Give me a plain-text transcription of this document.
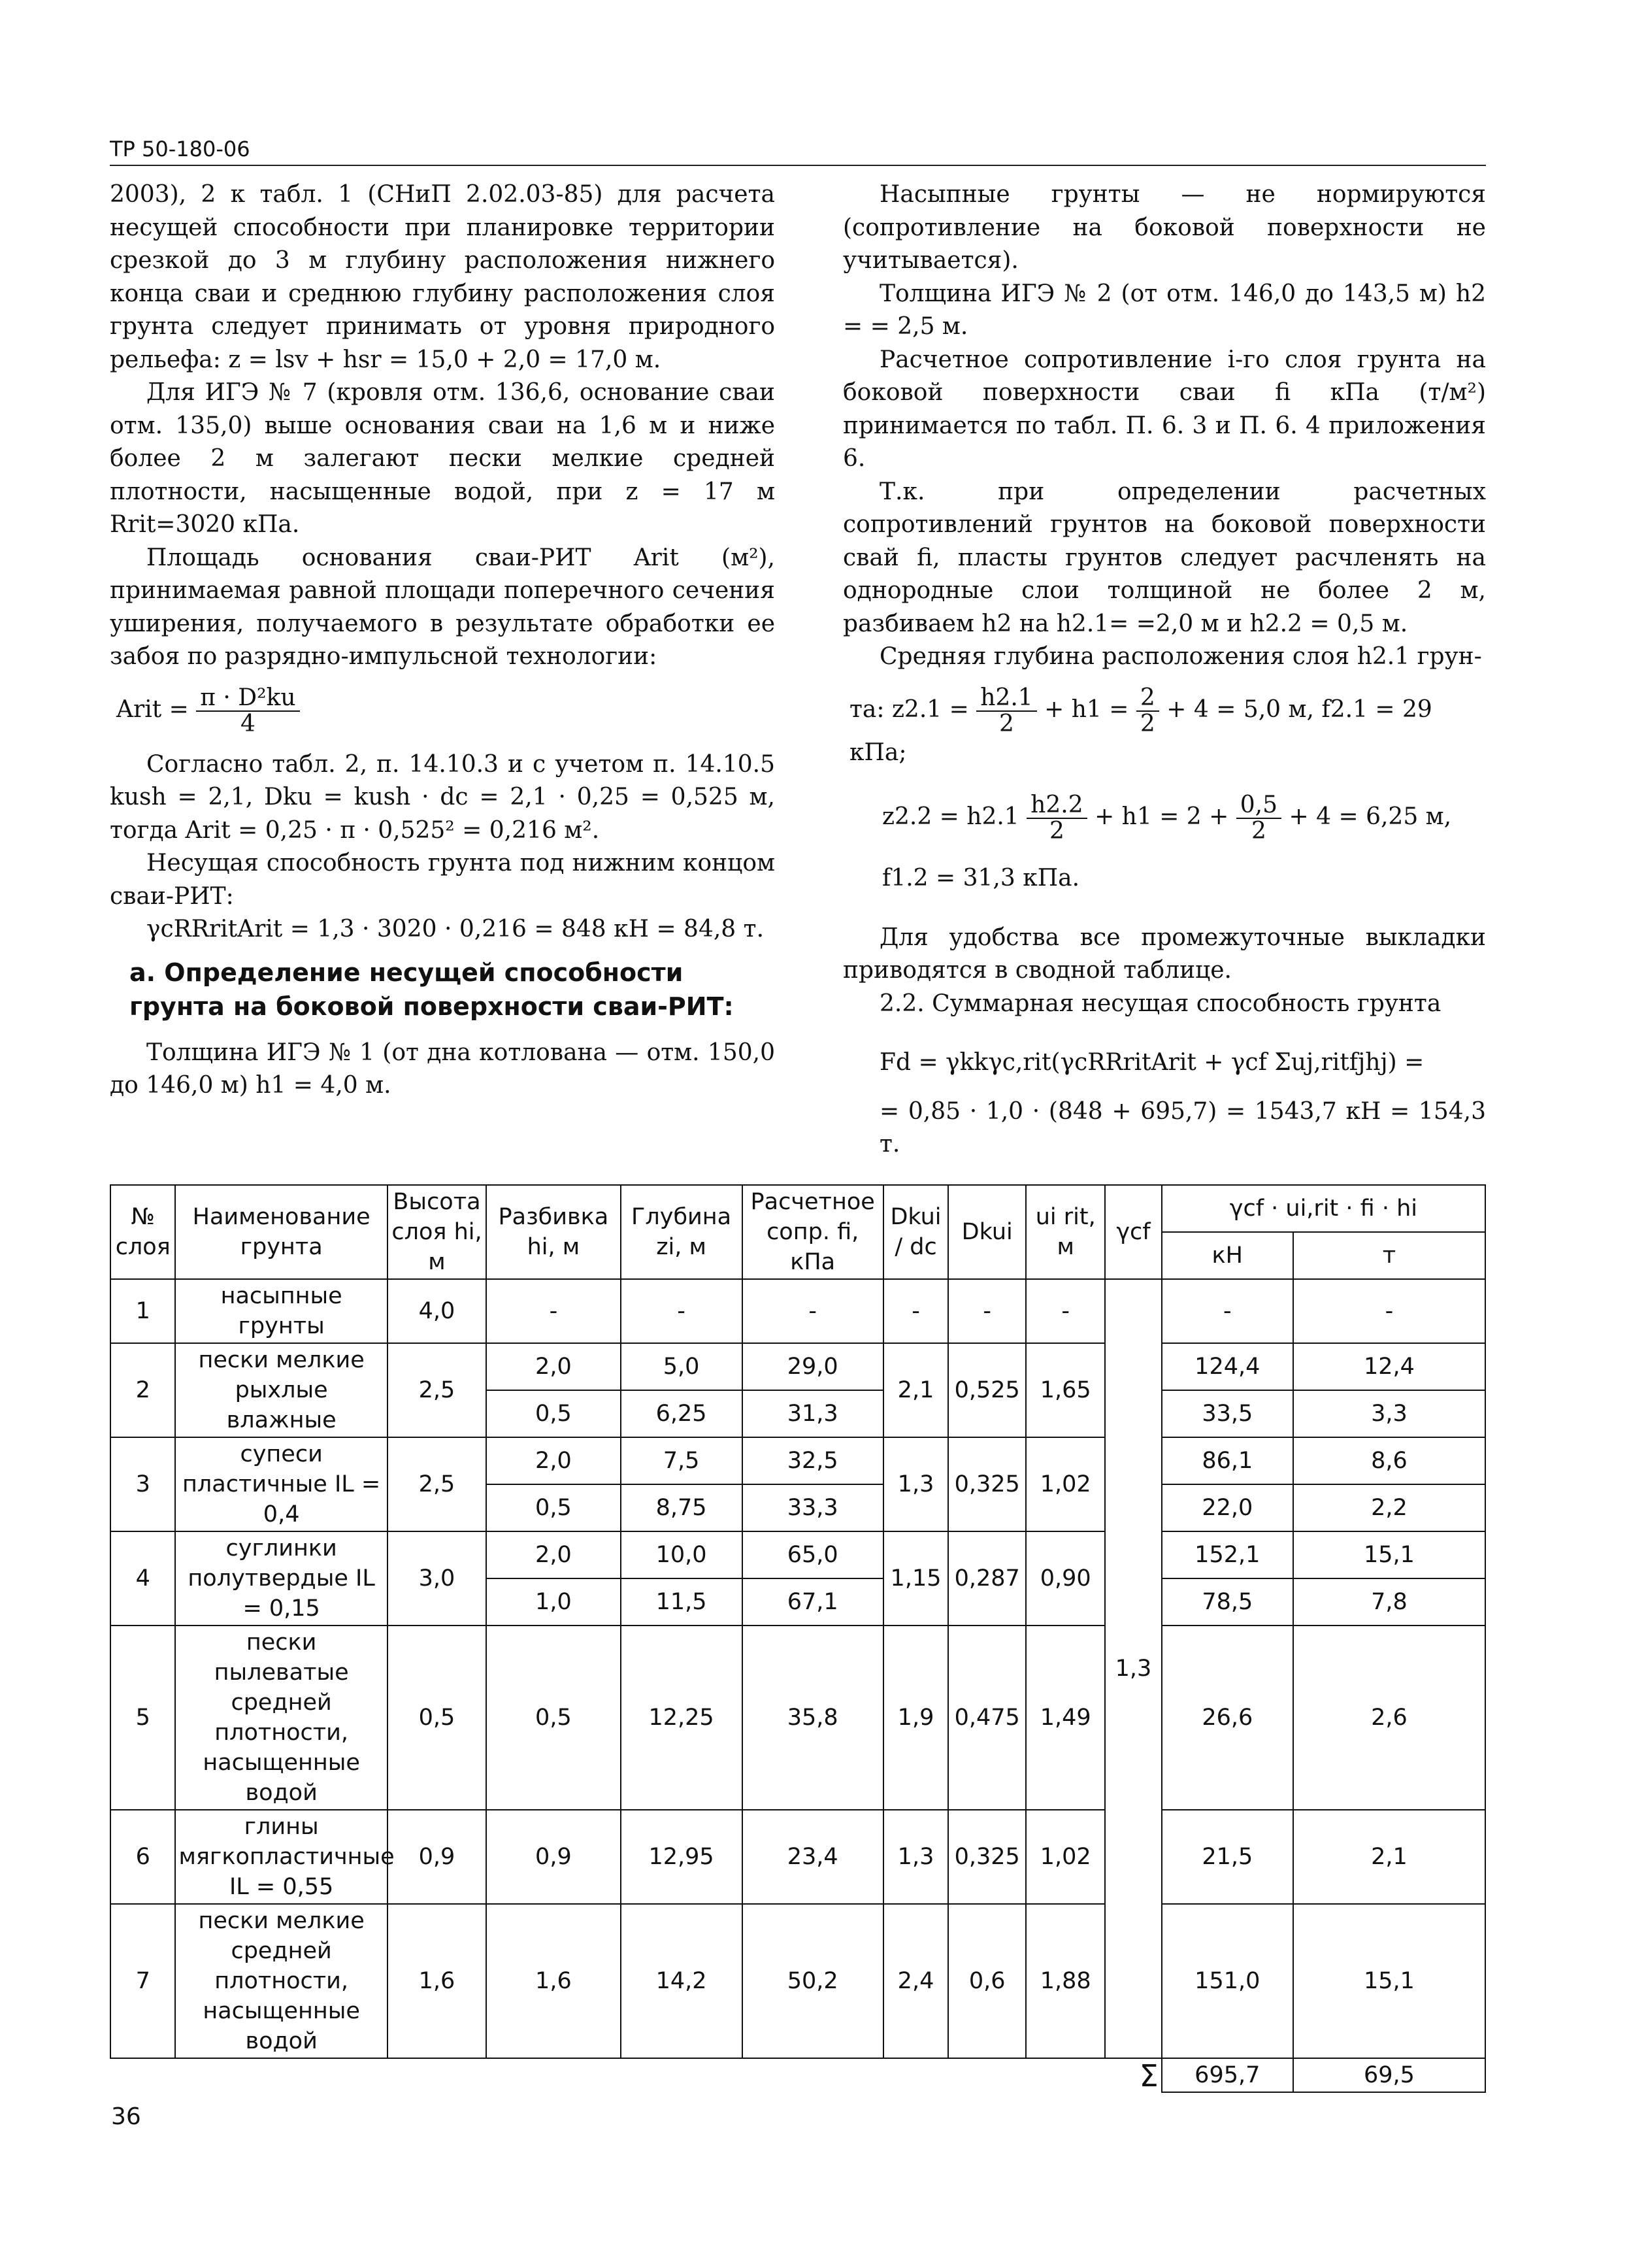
ТР 50-180-06

2003), 2 к табл. 1 (СНиП 2.02.03-85) для расчета несущей способности при планировке территории срезкой до 3 м глубину расположения нижнего конца сваи и среднюю глубину расположения слоя грунта следует принимать от уровня природного рельефа: z = lsv + hsr = 15,0 + 2,0 = 17,0 м.

Для ИГЭ № 7 (кровля отм. 136,6, основание сваи отм. 135,0) выше основания сваи на 1,6 м и ниже более 2 м залегают пески мелкие средней плотности, насыщенные водой, при z = 17 м Rrit=3020 кПа.

Площадь основания сваи-РИТ Arit (м²), принимаемая равной площади поперечного сечения уширения, получаемого в результате обработки ее забоя по разрядно-импульсной технологии:

Arit = $\frac{\text{π · D²ku}}{4}$

Согласно табл. 2, п. 14.10.3 и с учетом п. 14.10.5 kush = 2,1, Dku = kush · dc = 2,1 · 0,25 = 0,525 м, тогда Arit = 0,25 · π · 0,525² = 0,216 м².

Несущая способность грунта под нижним концом сваи-РИТ:

γcRRritArit = 1,3 · 3020 · 0,216 = 848 кН = 84,8 т.

а. Определение несущей способности грунта на боковой поверхности сваи-РИТ:

Толщина ИГЭ № 1 (от дна котлована — отм. 150,0 до 146,0 м) h1 = 4,0 м.

Насыпные грунты — не нормируются (сопротивление на боковой поверхности не учитывается).

Толщина ИГЭ № 2 (от отм. 146,0 до 143,5 м) h2 = = 2,5 м.

Расчетное сопротивление i-го слоя грунта на боковой поверхности сваи fi кПа (т/м²) принимается по табл. П. 6. 3 и П. 6. 4 приложения 6.

Т.к. при определении расчетных сопротивлений грунтов на боковой поверхности свай fi, пласты грунтов следует расчленять на однородные слои толщиной не более 2 м, разбиваем h2 на h2.1= =2,0 м и h2.2 = 0,5 м.

Средняя глубина расположения слоя h2.1 грун-

та: $z2.1 = \frac{h2.1}{2} + h1 = \frac{2}{2} + 4 = 5,0$ м, f2.1 = 29 кПа;
$z2.2 = h2.1 \frac{h2.2}{2} + h1 = 2 + \frac{0,5}{2} + 4 = 6,25$ м,

f1.2 = 31,3 кПа.

Для удобства все промежуточные выкладки приводятся в сводной таблице.

2.2. Суммарная несущая способность грунта

Fd = γkkγc,rit(γcRRritArit + γcf Σuj,ritfjhj) =

= 0,85 · 1,0 · (848 + 695,7) = 1543,7 кН = 154,3 т.

№ слоя	Наименование грунта	Высота слоя hi, м	Разбивка hi, м	Глубина zi, м	Расчетное сопр. fi, кПа	Dkui / dc	Dkui	ui rit, м	γcf	γcf · ui,rit · fi · hi	
										кН	т
1	насыпные грунты	4,0	-	-	-	-	-	-	1,3	-	-
2	пески мелкие рыхлые влажные	2,5	2,0	5,0	29,0	2,1	0,525	1,65		124,4	12,4
			0,5	6,25	31,3					33,5	3,3
3	супеси пластичные IL = 0,4	2,5	2,0	7,5	32,5	1,3	0,325	1,02		86,1	8,6
			0,5	8,75	33,3					22,0	2,2
4	суглинки полутвердые IL = 0,15	3,0	2,0	10,0	65,0	1,15	0,287	0,90		152,1	15,1
			1,0	11,5	67,1					78,5	7,8
5	пески пылеватые средней плотности, насыщенные водой	0,5	0,5	12,25	35,8	1,9	0,475	1,49		26,6	2,6
6	глины мягкопластичные IL = 0,55	0,9	0,9	12,95	23,4	1,3	0,325	1,02		21,5	2,1
7	пески мелкие средней плотности, насыщенные водой	1,6	1,6	14,2	50,2	2,4	0,6	1,88		151,0	15,1
									Σ	695,7	69,5
36
